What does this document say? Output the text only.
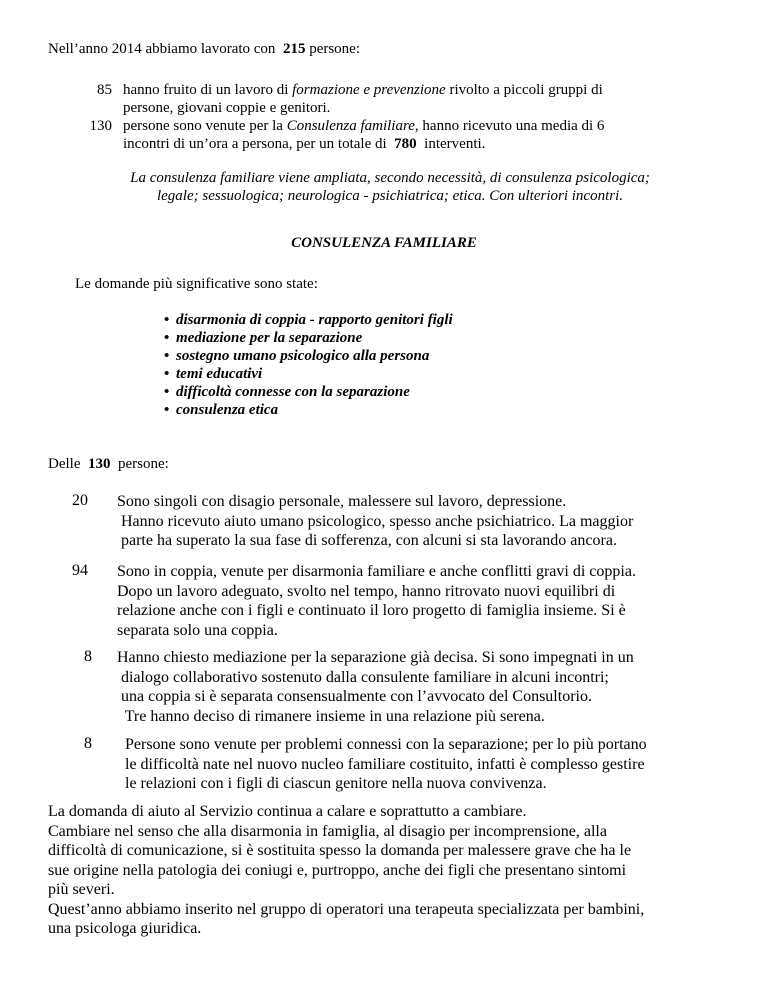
Nell’anno 2014 abbiamo lavorato con 215 persone:
85 hanno fruito di un lavoro di formazione e prevenzione rivolto a piccoli gruppi di
persone, giovani coppie e genitori.
130 persone sono venute per la Consulenza familiare, hanno ricevuto una media di 6
incontri di un’ora a persona, per un totale di 780 interventi.
La consulenza familiare viene ampliata, secondo necessità, di consulenza psicologica;
legale; sessuologica; neurologica - psichiatrica; etica. Con ulteriori incontri.
CONSULENZA FAMILIARE
Le domande più significative sono state:
• disarmonia di coppia - rapporto genitori figli
• mediazione per la separazione
• sostegno umano psicologico alla persona
• temi educativi
• difficoltà connesse con la separazione
• consulenza etica
Delle 130 persone:
20	Sono singoli con disagio personale, malessere sul lavoro, depressione.
Hanno ricevuto aiuto umano psicologico, spesso anche psichiatrico. La maggior
parte ha superato la sua fase di sofferenza, con alcuni si sta lavorando ancora.
94	Sono in coppia, venute per disarmonia familiare e anche conflitti gravi di coppia.
Dopo un lavoro adeguato, svolto nel tempo, hanno ritrovato nuovi equilibri di
relazione anche con i figli e continuato il loro progetto di famiglia insieme. Si è
separata solo una coppia.
8	Hanno chiesto mediazione per la separazione già decisa. Si sono impegnati in un
dialogo collaborativo sostenuto dalla consulente familiare in alcuni incontri;
una coppia si è separata consensualmente con l’avvocato del Consultorio.
Tre hanno deciso di rimanere insieme in una relazione più serena.
8	Persone sono venute per problemi connessi con la separazione; per lo più portano
le difficoltà nate nel nuovo nucleo familiare costituito, infatti è complesso gestire
le relazioni con i figli di ciascun genitore nella nuova convivenza.
La domanda di aiuto al Servizio continua a calare e soprattutto a cambiare.
Cambiare nel senso che alla disarmonia in famiglia, al disagio per incomprensione, alla
difficoltà di comunicazione, si è sostituita spesso la domanda per malessere grave che ha le
sue origine nella patologia dei coniugi e, purtroppo, anche dei figli che presentano sintomi
più severi.
Quest’anno abbiamo inserito nel gruppo di operatori una terapeuta specializzata per bambini,
una psicologa giuridica.
